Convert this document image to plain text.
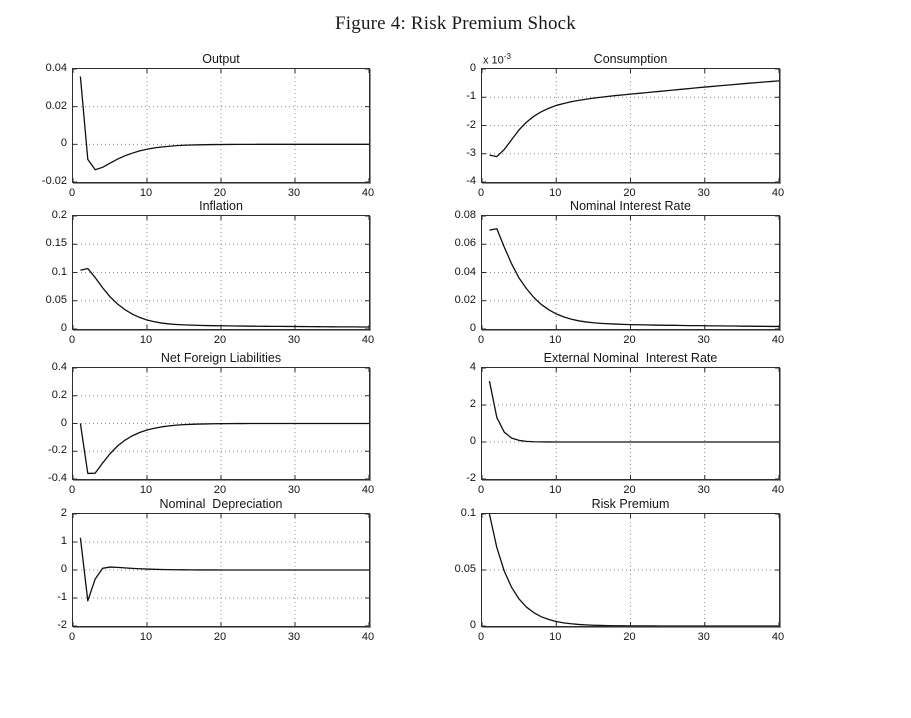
Figure 4: Risk Premium Shock
Output
-0.02
0
0.02
0.04
0	10	20	30	40
Consumption
x $10^{-3}$
-4
-3
-2
-1
0
0	10	20	30	40
Inflation
0
0.05
0.1
0.15
0.2
0	10	20	30	40
Nominal Interest Rate
0
0.02
0.04
0.06
0.08
0	10	20	30	40
Net Foreign Liabilities
-0.4
-0.2
0
0.2
0.4
0	10	20	30	40
External Nominal  Interest Rate
-2
0
2
4
0	10	20	30	40
Nominal  Depreciation
-2
-1
0
1
2
0	10	20	30	40
Risk Premium
0
0.05
0.1
0	10	20	30	40
